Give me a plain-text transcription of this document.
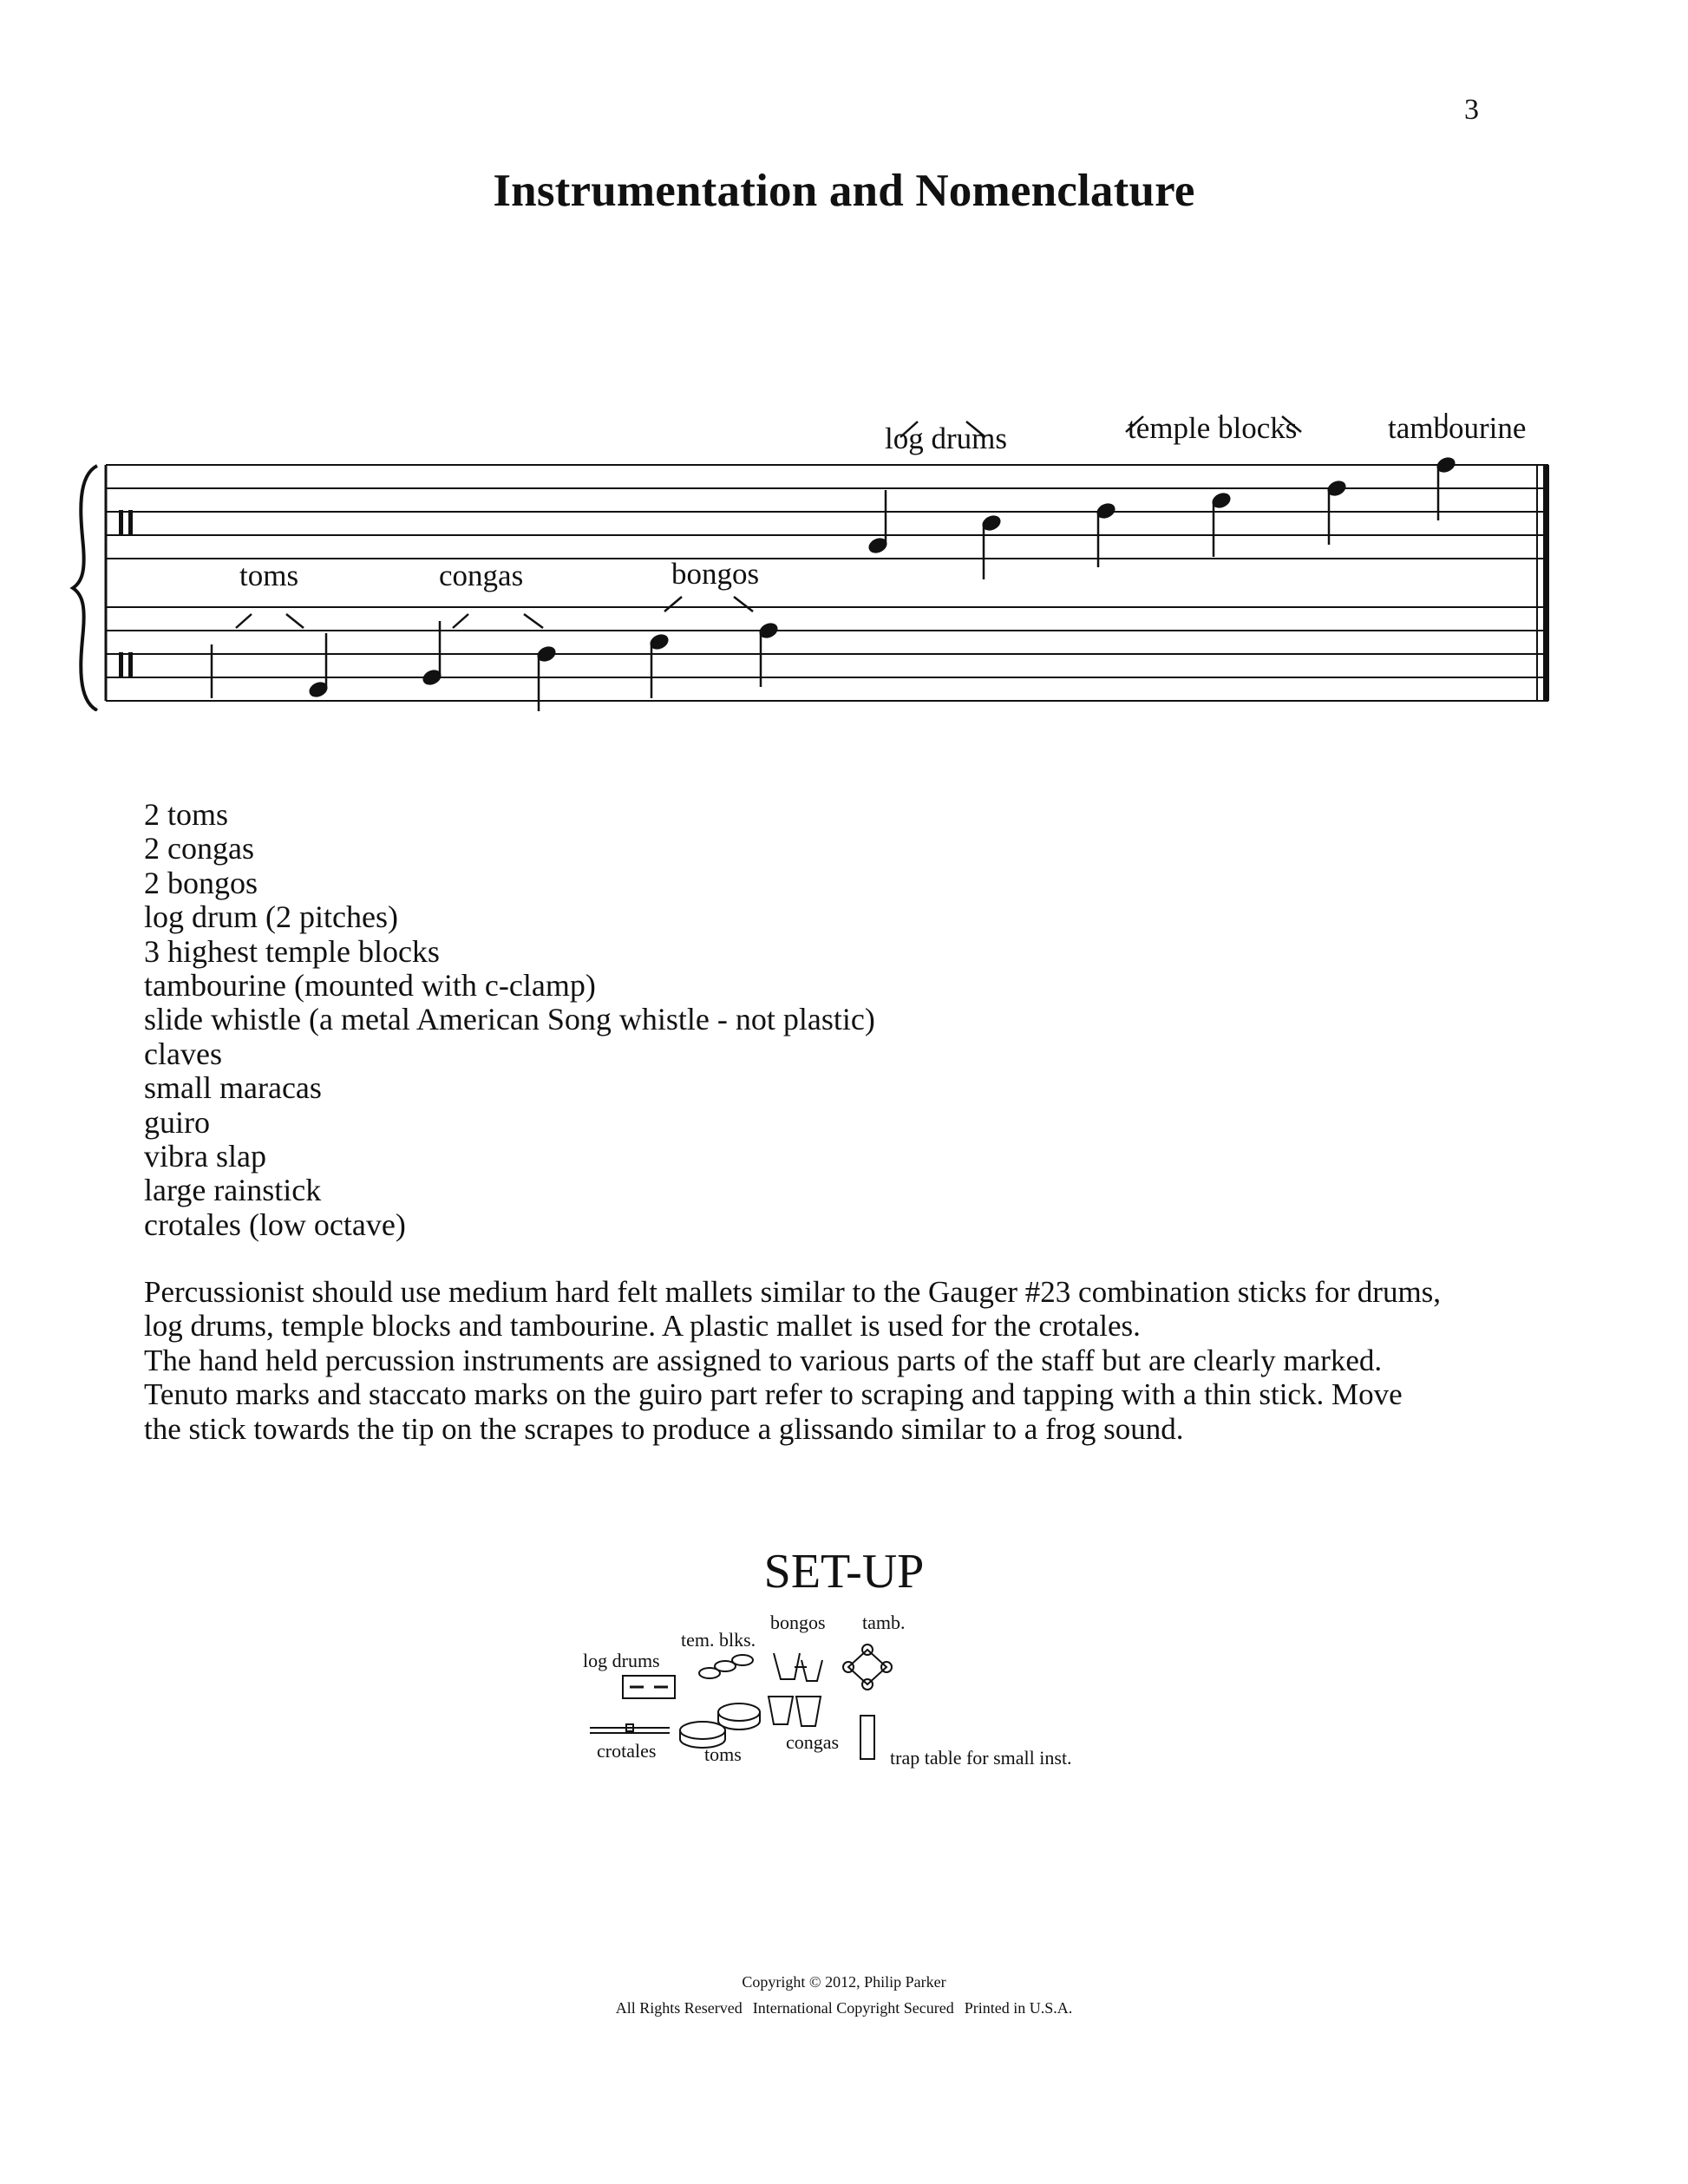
3
Instrumentation and Nomenclature
log drums	temple blocks	tambourine
toms	congas	bongos
2 toms
2 congas
2 bongos
log drum (2 pitches)
3 highest temple blocks
tambourine (mounted with c-clamp)
slide whistle (a metal American Song whistle - not plastic)
claves
small maracas
guiro
vibra slap
large rainstick
crotales (low octave)
Percussionist should use medium hard felt mallets similar to the Gauger #23 combination sticks for drums,
log drums, temple blocks and tambourine. A plastic mallet is used for the crotales.
The hand held percussion instruments are assigned to various parts of the staff but are clearly marked.
Tenuto marks and staccato marks on the guiro part refer to scraping and tapping with a thin stick. Move
the stick towards the tip on the scrapes to produce a glissando similar to a frog sound.
SET-UP
tem. blks.
bongos tamb.
log drums
crotales	toms
congas
trap table for small inst.
Copyright © 2012, Philip Parker
All Rights Reserved International Copyright Secured Printed in U.S.A.
